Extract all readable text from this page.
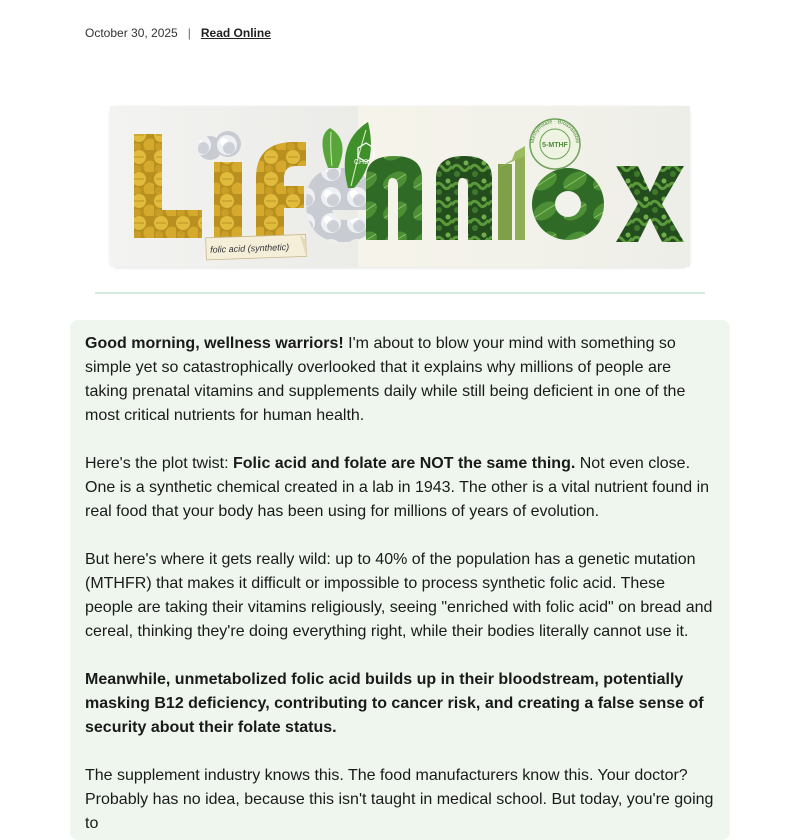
October 30, 2025 | Read Online
CH3
5-MTHF
Methylfolate · Bioavailable
folic acid (synthetic)

Good morning, wellness warriors! I'm about to blow your mind with something so simple yet so catastrophically overlooked that it explains why millions of people are taking prenatal vitamins and supplements daily while still being deficient in one of the most critical nutrients for human health.

Here's the plot twist: Folic acid and folate are NOT the same thing. Not even close. One is a synthetic chemical created in a lab in 1943. The other is a vital nutrient found in real food that your body has been using for millions of years of evolution.

But here's where it gets really wild: up to 40% of the population has a genetic mutation (MTHFR) that makes it difficult or impossible to process synthetic folic acid. These people are taking their vitamins religiously, seeing "enriched with folic acid" on bread and cereal, thinking they're doing everything right, while their bodies literally cannot use it.

Meanwhile, unmetabolized folic acid builds up in their bloodstream, potentially masking B12 deficiency, contributing to cancer risk, and creating a false sense of security about their folate status.

The supplement industry knows this. The food manufacturers know this. Your doctor? Probably has no idea, because this isn't taught in medical school. But today, you're going to
